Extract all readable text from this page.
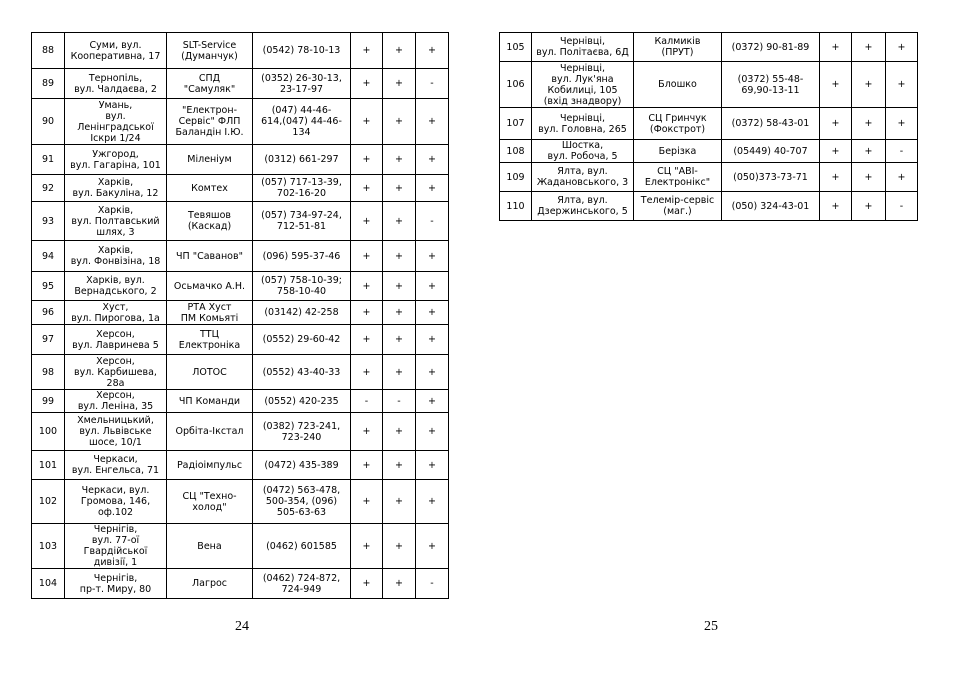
88	Суми, вул.
Кооперативна, 17	SLT-Service
(Думанчук)	(0542) 78-10-13	+	+	+
89	Тернопіль,
вул. Чалдаєва, 2	СПД
"Самуляк"	(0352) 26-30-13,
23-17-97	+	+	-
90	Умань,
вул.
Ленінградської
Іскри 1/24	"Електрон-
Сервіс" ФЛП
Баландін І.Ю.	(047) 44-46-
614,(047) 44-46-
134	+	+	+
91	Ужгород,
вул. Гагаріна, 101	Міленіум	(0312) 661-297	+	+	+
92	Харків,
вул. Бакуліна, 12	Комтех	(057) 717-13-39,
702-16-20	+	+	+
93	Харків,
вул. Полтавський
шлях, 3	Тевяшов
(Каскад)	(057) 734-97-24,
712-51-81	+	+	-
94	Харків,
вул. Фонвізіна, 18	ЧП "Саванов"	(096) 595-37-46	+	+	+
95	Харків, вул.
Вернадського, 2	Осьмачко А.Н.	(057) 758-10-39;
758-10-40	+	+	+
96	Хуст,
вул. Пирогова, 1а	РТА Хуст
ПМ Комьяті	(03142) 42-258	+	+	+
97	Херсон,
вул. Лавринева 5	ТТЦ
Електроніка	(0552) 29-60-42	+	+	+
98	Херсон,
вул. Карбишева,
28а	ЛОТОС	(0552) 43-40-33	+	+	+
99	Херсон,
вул. Леніна, 35	ЧП Команди	(0552) 420-235	-	-	+
100	Хмельницький,
вул. Львівське
шосе, 10/1	Орбіта-Ікстал	(0382) 723-241,
723-240	+	+	+
101	Черкаси,
вул. Енгельса, 71	Радіоімпульс	(0472) 435-389	+	+	+
102	Черкаси, вул.
Громова, 146,
оф.102	СЦ "Техно-
холод"	(0472) 563-478,
500-354, (096)
505-63-63	+	+	+
103	Чернігів,
вул. 77-ої
Гвардійської
дивізії, 1	Вена	(0462) 601585	+	+	+
104	Чернігів,
пр-т. Миру, 80	Лагрос	(0462) 724-872,
724-949	+	+	-
105	Чернівці,
вул. Політаєва, 6Д	Калмиків
(ПРУТ)	(0372) 90-81-89	+	+	+
106	Чернівці,
вул. Лук'яна
Кобилиці, 105
(вхід знадвору)	Блошко	(0372) 55-48-
69,90-13-11	+	+	+
107	Чернівці,
вул. Головна, 265	СЦ Гринчук
(Фокстрот)	(0372) 58-43-01	+	+	+
108	Шостка,
вул. Робоча, 5	Берізка	(05449) 40-707	+	+	-
109	Ялта, вул.
Жадановського, 3	СЦ "АВІ-
Електронікс"	(050)373-73-71	+	+	+
110	Ялта, вул.
Дзержинського, 5	Телемір-сервіс
(маг.)	(050) 324-43-01	+	+	-
24	25
